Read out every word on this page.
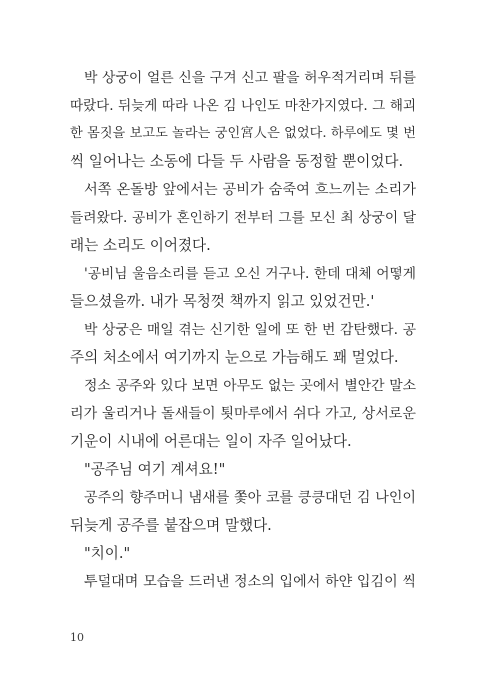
박 상궁이 얼른 신을 구겨 신고 팔을 허우적거리며 뒤를
따랐다. 뒤늦게 따라 나온 김 나인도 마찬가지였다. 그 해괴
한 몸짓을 보고도 놀라는 궁인宮人은 없었다. 하루에도 몇 번
씩 일어나는 소동에 다들 두 사람을 동정할 뿐이었다.

서쪽 온돌방 앞에서는 공비가 숨죽여 흐느끼는 소리가
들려왔다. 공비가 혼인하기 전부터 그를 모신 최 상궁이 달
래는 소리도 이어졌다.

'공비님 울음소리를 듣고 오신 거구나. 한데 대체 어떻게
들으셨을까. 내가 목청껏 책까지 읽고 있었건만.'

박 상궁은 매일 겪는 신기한 일에 또 한 번 감탄했다. 공
주의 처소에서 여기까지 눈으로 가늠해도 꽤 멀었다.

정소 공주와 있다 보면 아무도 없는 곳에서 별안간 말소
리가 울리거나 돌새들이 툇마루에서 쉬다 가고, 상서로운
기운이 시내에 어른대는 일이 자주 일어났다.

"공주님 여기 계셔요!"

공주의 향주머니 냄새를 쫓아 코를 킁킁대던 김 나인이
뒤늦게 공주를 붙잡으며 말했다.

"치이."

투덜대며 모습을 드러낸 정소의 입에서 하얀 입김이 씩

10
